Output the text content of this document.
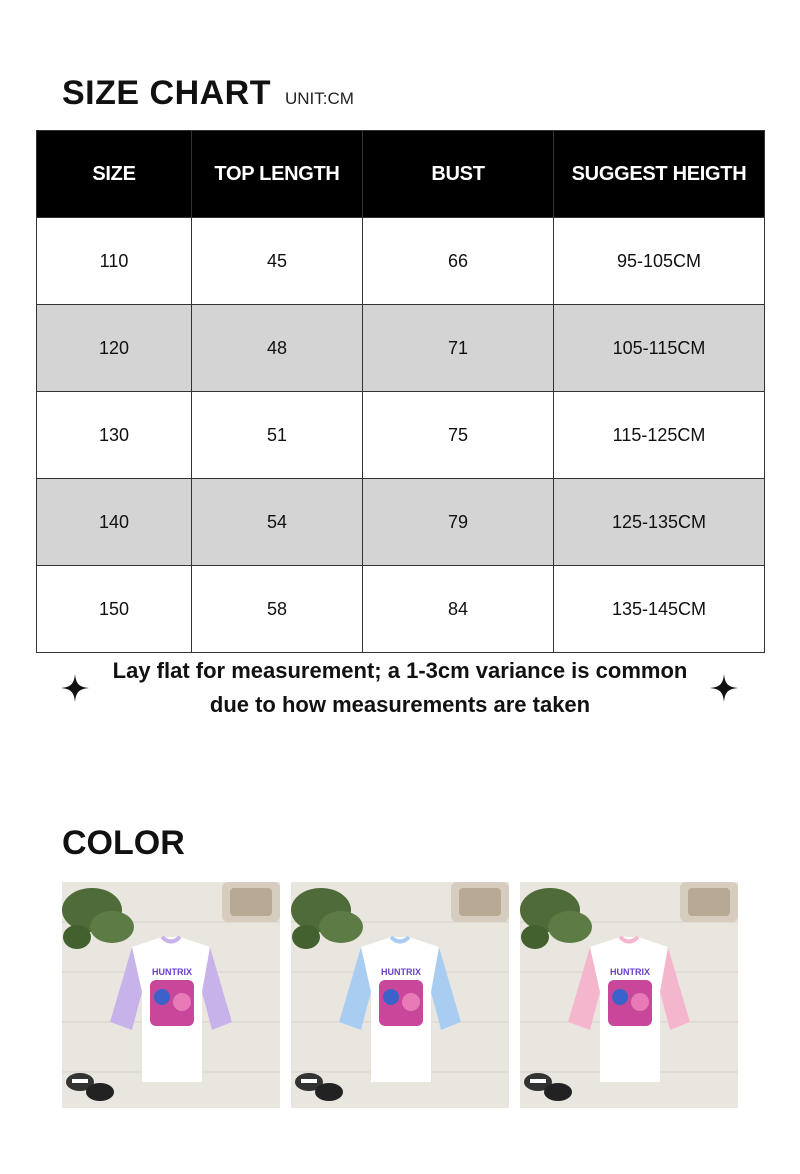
SIZE CHART UNIT:CM
SIZE	TOP LENGTH	BUST	SUGGEST HEIGTH
110	45	66	95-105CM
120	48	71	105-115CM
130	51	75	115-125CM
140	54	79	125-135CM
150	58	84	135-145CM
Lay flat for measurement; a 1-3cm variance is common
due to how measurements are taken
COLOR
HUNTRIX	HUNTRIX	HUNTRIX
